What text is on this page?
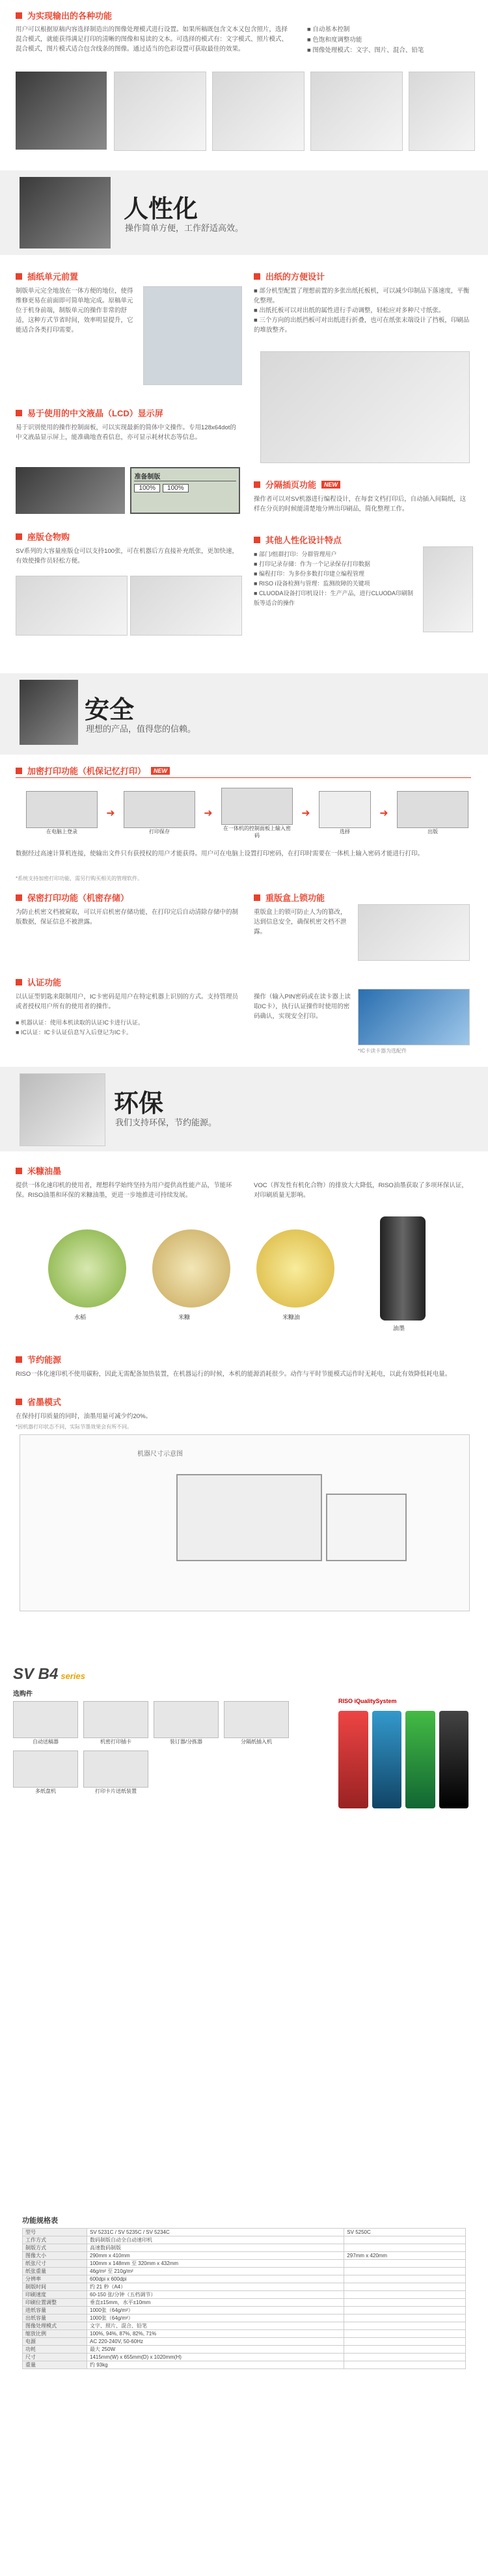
为实现输出的各种功能
用户可以根据原稿内容选择制造出的图像处理模式进行设置。如果所稿既包含文本又包含照片，选择混合模式，就能获得满足打印的清晰的图像和易读的文本。可选择的模式有：文字模式、照片模式、混合模式，图片模式适合包含线条的图像。通过适当的色彩设置可获取最佳的效果。
■ 自动基本控制
■ 色饱和度调整功能
■ 图像处理模式：文字、图片、混合、铅笔
人性化
操作简单方便，工作舒适高效。
插纸单元前置
制版单元完全地放在一体方便的地位，使得维修更易在前面即可简单地完成。原稿单元位于机身前端，制版单元的操作非常的舒适，这种方式节省时间，效率明显提升，它能适合各类打印需要。
出纸的方便设计
■ 部分机型配置了理想前置的多张出纸托板机，可以减少印制品下落速度，平衡化整理。
■ 出纸托板可以对出纸的属性进行手动调整，轻松应对多种尺寸纸张。
■ 三个方向的出纸挡板可对出纸进行折叠，也可在纸张末端设计了挡板，印刷品的堆放整齐。
易于使用的中文液晶（LCD）显示屏
易于识别使用的操作控制面板，可以实现最新的简体中文操作。专用128x64dot的中文液晶显示屏上，能准确地查看信息，亦可显示耗材状态等信息。
准备制版
100%	100%	分隔插页功能	NEW
操作者可以对SV机器进行编程设计，在每套文档打印后，自动插入间隔纸，这样在分页的时候能清楚地分辨出印刷品，简化整理工作。
座版仓物购
SV系列的大容量座版仓可以支持100张，可在机器后方直接补充纸张，更加快速，有效使操作员轻松方便。
其他人性化设计特点
■ 部门/组群打印：分群管理用户
■ 打印记录存储：作为一个记录保存打印数据
■ 编程打印：为多份多数打印建立编程管理
■ RISO i设备检测与管理：监测故障的关键项
■ CLUODA设备打印机设计：生产产品，进行CLUODA印刷制版等适合的操作
安全
理想的产品，值得您的信赖。
加密打印功能（机保记忆打印）	NEW
在电脑上登录
➜
打印保存
➜
在一体机的控制面板上输入密码
➜
选择
➜
出版
数据经过高速计算机连接，使输出文件只有获授权的用户才能获得。用户可在电脑上设置打印密码，在打印时需要在一体机上输入密码才能进行打印。
*系统支持加密打印功能，需另行购买相关的管理软件。
保密打印功能（机密存储）
为防止机密文档被窥取，可以开启机密存储功能，在打印完后自动清除存储中的制版数据，保证信息不被泄露。
重版盒上锁功能
重版盒上的锁可防止人为的篡改，达到信息安全，确保机密文档不泄露。
认证功能
以认证型钥匙来限制用户，IC卡密码是用户在特定机器上识别的方式。支持管理员或者授权用户所有的使用者的操作。
■ 机器认证：使用本机读取的认证IC卡进行认证。
■ IC认证：IC卡认证信息写入后登记为IC卡。
操作（输入PIN密码或在读卡器上读取IC卡），执行认证操作时使用的密码确认，实现安全打印。
*IC卡读卡器为选配件
环保
我们支持环保，节约能源。
米糠油墨
提供一体化速印机的使用者，理想科学始终坚持为用户提供高性能产品，节能环保。RISO油墨和环保的米糠油墨，更进一步地推进可持续发展。
VOC（挥发性有机化合物）的排放大大降低，RISO油墨获取了多项环保认证，对印刷质量无影响。
水稻	米糠	米糠油
油墨
节约能源
RISO一体化速印机不使用碳粉，因此无需配备加热装置，在机器运行的时候，本机的能源消耗很少。动作与平时节能模式运作时无耗电，以此有效降低耗电量。
省墨模式
在保持打印质量的同时，油墨用量可减少约20%。
*因机器打印状态不同，实际节墨效果会有所不同。
机器尺寸示意图
SV B4 series
选购件
自动送稿器	机密打印插卡	装订器/分拣器	分隔纸插入机
多纸盘机	打印卡片送纸装置
RISO iQualitySystem
功能规格表
型号	SV 5231C / SV 5235C / SV 5234C	SV 5250C
工作方式	数码制版自动全自动速印机	
制版方式	高速数码制版	
图像大小	290mm x 410mm	297mm x 420mm
纸张尺寸	100mm x 148mm 至 320mm x 432mm	
纸张重量	46g/m² 至 210g/m²	
分辨率	600dpi x 600dpi	
制版时间	约 21 秒（A4）	
印刷速度	60-150 张/分钟（五档调节）	
印刷位置调整	垂直±15mm，水平±10mm	
进纸容量	1000张（64g/m²）	
出纸容量	1000张（64g/m²）	
图像处理模式	文字、照片、混合、铅笔	
缩放比例	100%, 94%, 87%, 82%, 71%	
电源	AC 220-240V, 50-60Hz	
功耗	最大 250W	
尺寸	1415mm(W) x 655mm(D) x 1020mm(H)	
重量	约 93kg	
